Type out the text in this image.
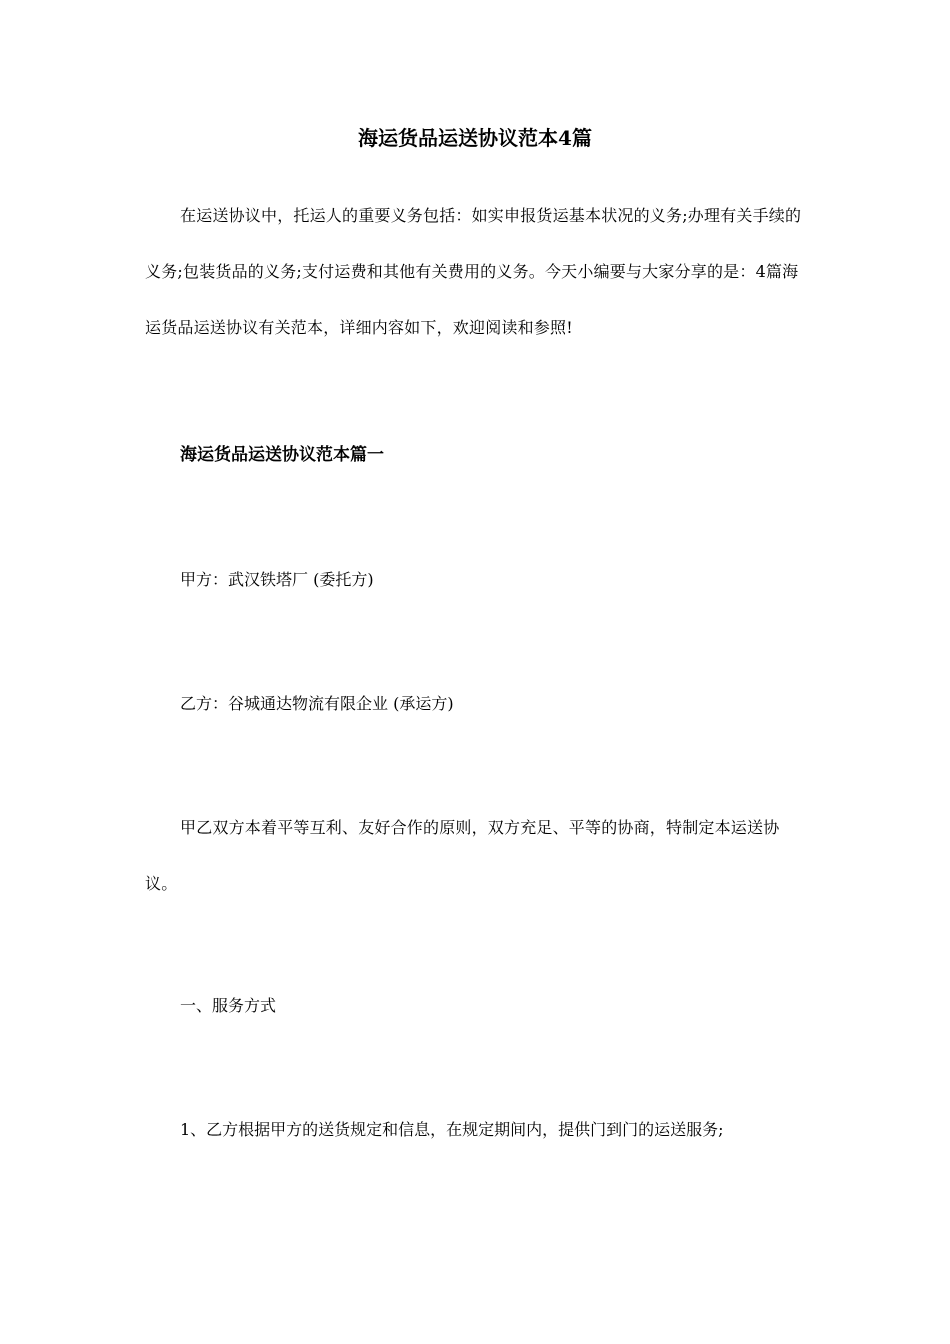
海运货品运送协议范本4篇

在运送协议中，托运人的重要义务包括：如实申报货运基本状况的义务;办理有关手续的义务;包装货品的义务;支付运费和其他有关费用的义务。今天小编要与大家分享的是：4篇海运货品运送协议有关范本，详细内容如下，欢迎阅读和参照!

海运货品运送协议范本篇一

甲方：武汉铁塔厂 (委托方)

乙方：谷城通达物流有限企业 (承运方)

甲乙双方本着平等互利、友好合作的原则，双方充足、平等的协商，特制定本运送协议。

一、服务方式

1、乙方根据甲方的送货规定和信息，在规定期间内，提供门到门的运送服务;
